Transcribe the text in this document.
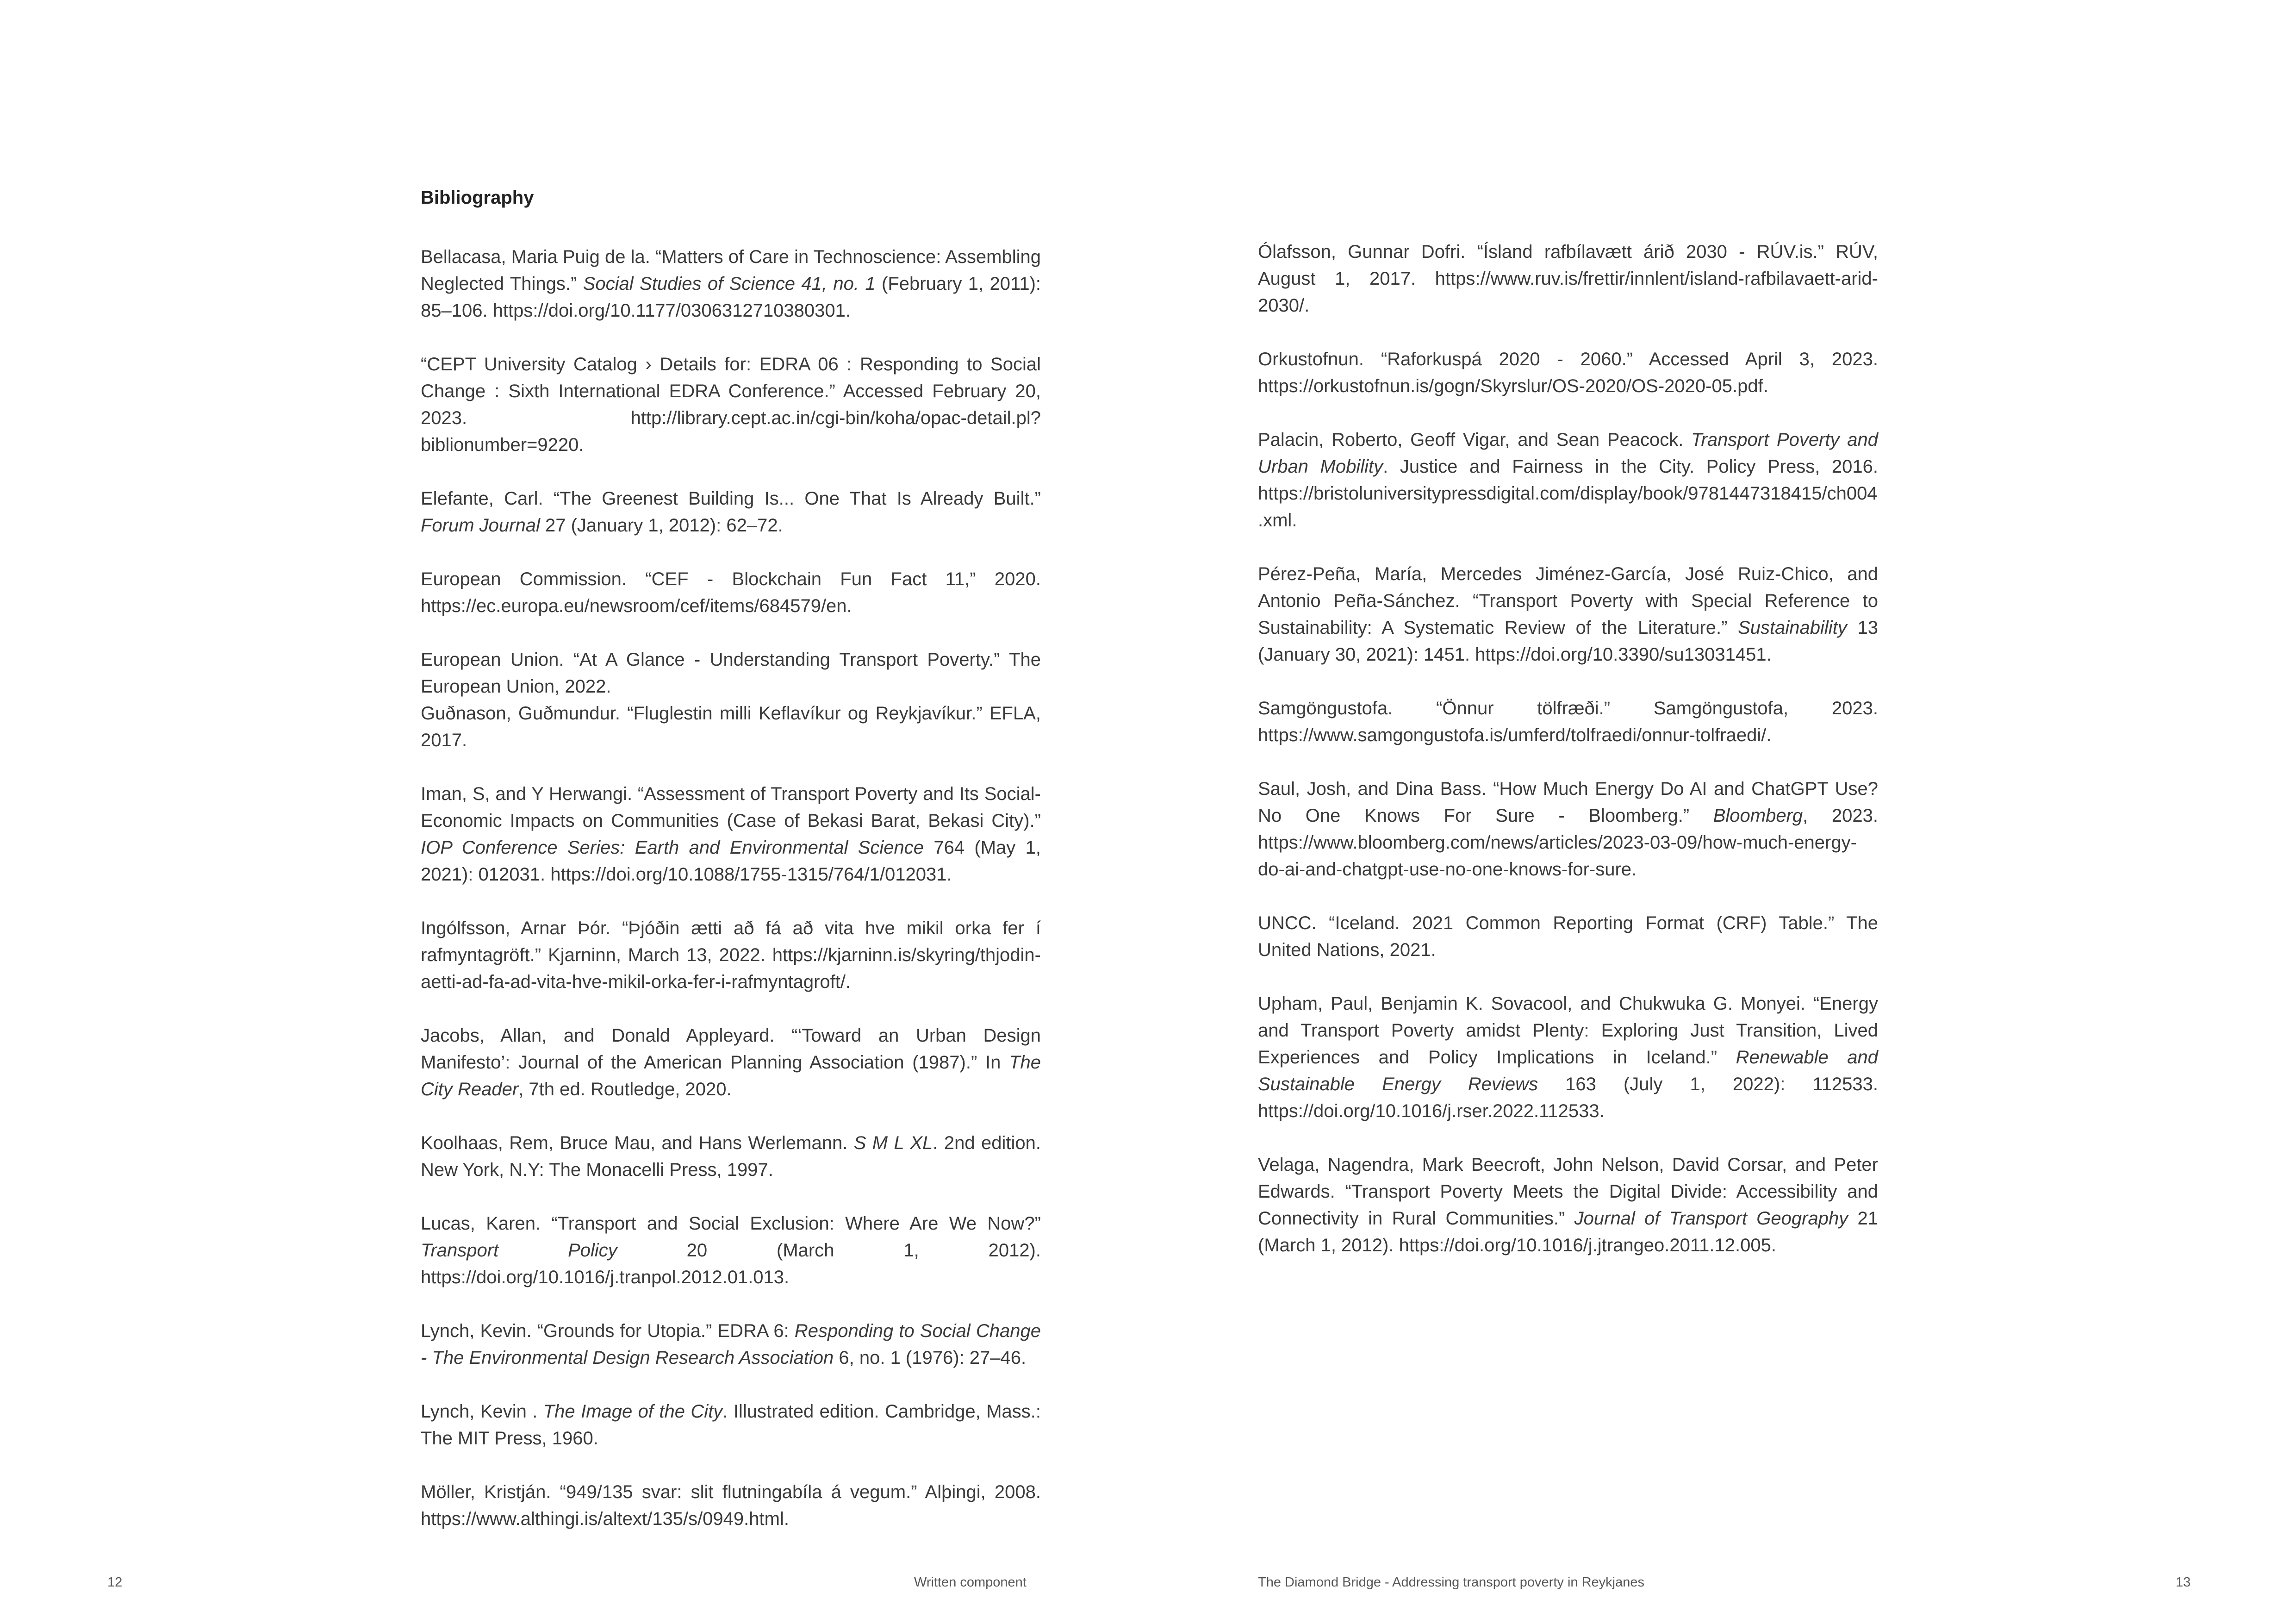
Bibliography

Bellacasa, Maria Puig de la. “Matters of Care in Technoscience: Assembling Neglected Things.” Social Studies of Science 41, no. 1 (February 1, 2011): 85–106. https://doi.org/10.1177/0306312710380301.

“CEPT University Catalog › Details for: EDRA 06 : Responding to Social Change : Sixth International EDRA Conference.” Accessed February 20, 2023. http://library.cept.ac.in/cgi-bin/koha/opac-detail.pl?biblionumber=9220.

Elefante, Carl. “The Greenest Building Is... One That Is Already Built.” Forum Journal 27 (January 1, 2012): 62–72.

European Commission. “CEF - Blockchain Fun Fact 11,” 2020. https://ec.europa.eu/newsroom/cef/items/684579/en.

European Union. “At A Glance - Understanding Transport Poverty.” The European Union, 2022.

Guðnason, Guðmundur. “Fluglestin milli Keflavíkur og Reykjavíkur.” EFLA, 2017.

Iman, S, and Y Herwangi. “Assessment of Transport Poverty and Its Social-Economic Impacts on Communities (Case of Bekasi Barat, Bekasi City).” IOP Conference Series: Earth and Environmental Science 764 (May 1, 2021): 012031. https://doi.org/10.1088/1755-1315/764/1/012031.

Ingólfsson, Arnar Þór. “Þjóðin ætti að fá að vita hve mikil orka fer í rafmyntagröft.” Kjarninn, March 13, 2022. https://kjarninn.is/skyring/thjodin-aetti-ad-fa-ad-vita-hve-mikil-orka-fer-i-rafmyntagroft/.

Jacobs, Allan, and Donald Appleyard. “‘Toward an Urban Design Manifesto’: Journal of the American Planning Association (1987).” In The City Reader, 7th ed. Routledge, 2020.

Koolhaas, Rem, Bruce Mau, and Hans Werlemann. S M L XL. 2nd edition. New York, N.Y: The Monacelli Press, 1997.

Lucas, Karen. “Transport and Social Exclusion: Where Are We Now?” Transport Policy 20 (March 1, 2012). https://doi.org/10.1016/j.tranpol.2012.01.013.

Lynch, Kevin. “Grounds for Utopia.” EDRA 6: Responding to Social Change - The Environmental Design Research Association 6, no. 1 (1976): 27–46.

Lynch, Kevin . The Image of the City. Illustrated edition. Cambridge, Mass.: The MIT Press, 1960.

Möller, Kristján. “949/135 svar: slit flutningabíla á vegum.” Alþingi, 2008. https://www.althingi.is/altext/135/s/0949.html.

Ólafsson, Gunnar Dofri. “Ísland rafbílavætt árið 2030 - RÚV.is.” RÚV, August 1, 2017. https://www.ruv.is/frettir/innlent/island-rafbilavaett-arid-2030/.

Orkustofnun. “Raforkuspá 2020 - 2060.” Accessed April 3, 2023. https://orkustofnun.is/gogn/Skyrslur/OS-2020/OS-2020-05.pdf.

Palacin, Roberto, Geoff Vigar, and Sean Peacock. Transport Poverty and Urban Mobility. Justice and Fairness in the City. Policy Press, 2016. https://bristoluniversitypressdigital.com/display/book/9781447318415/ch004.xml.

Pérez-Peña, María, Mercedes Jiménez-García, José Ruiz-Chico, and Antonio Peña-Sánchez. “Transport Poverty with Special Reference to Sustainability: A Systematic Review of the Literature.” Sustainability 13 (January 30, 2021): 1451. https://doi.org/10.3390/su13031451.

Samgöngustofa. “Önnur tölfræði.” Samgöngustofa, 2023. https://www.samgongustofa.is/umferd/tolfraedi/onnur-tolfraedi/.

Saul, Josh, and Dina Bass. “How Much Energy Do AI and ChatGPT Use? No One Knows For Sure - Bloomberg.” Bloomberg, 2023. https://www.bloomberg.com/news/articles/2023-03-09/how-much-energy-do-ai-and-chatgpt-use-no-one-knows-for-sure.

UNCC. “Iceland. 2021 Common Reporting Format (CRF) Table.” The United Nations, 2021.

Upham, Paul, Benjamin K. Sovacool, and Chukwuka G. Monyei. “Energy and Transport Poverty amidst Plenty: Exploring Just Transition, Lived Experiences and Policy Implications in Iceland.” Renewable and Sustainable Energy Reviews 163 (July 1, 2022): 112533. https://doi.org/10.1016/j.rser.2022.112533.

Velaga, Nagendra, Mark Beecroft, John Nelson, David Corsar, and Peter Edwards. “Transport Poverty Meets the Digital Divide: Accessibility and Connectivity in Rural Communities.” Journal of Transport Geography 21 (March 1, 2012). https://doi.org/10.1016/j.jtrangeo.2011.12.005.

12	Written component	The Diamond Bridge - Addressing transport poverty in Reykjanes	13
